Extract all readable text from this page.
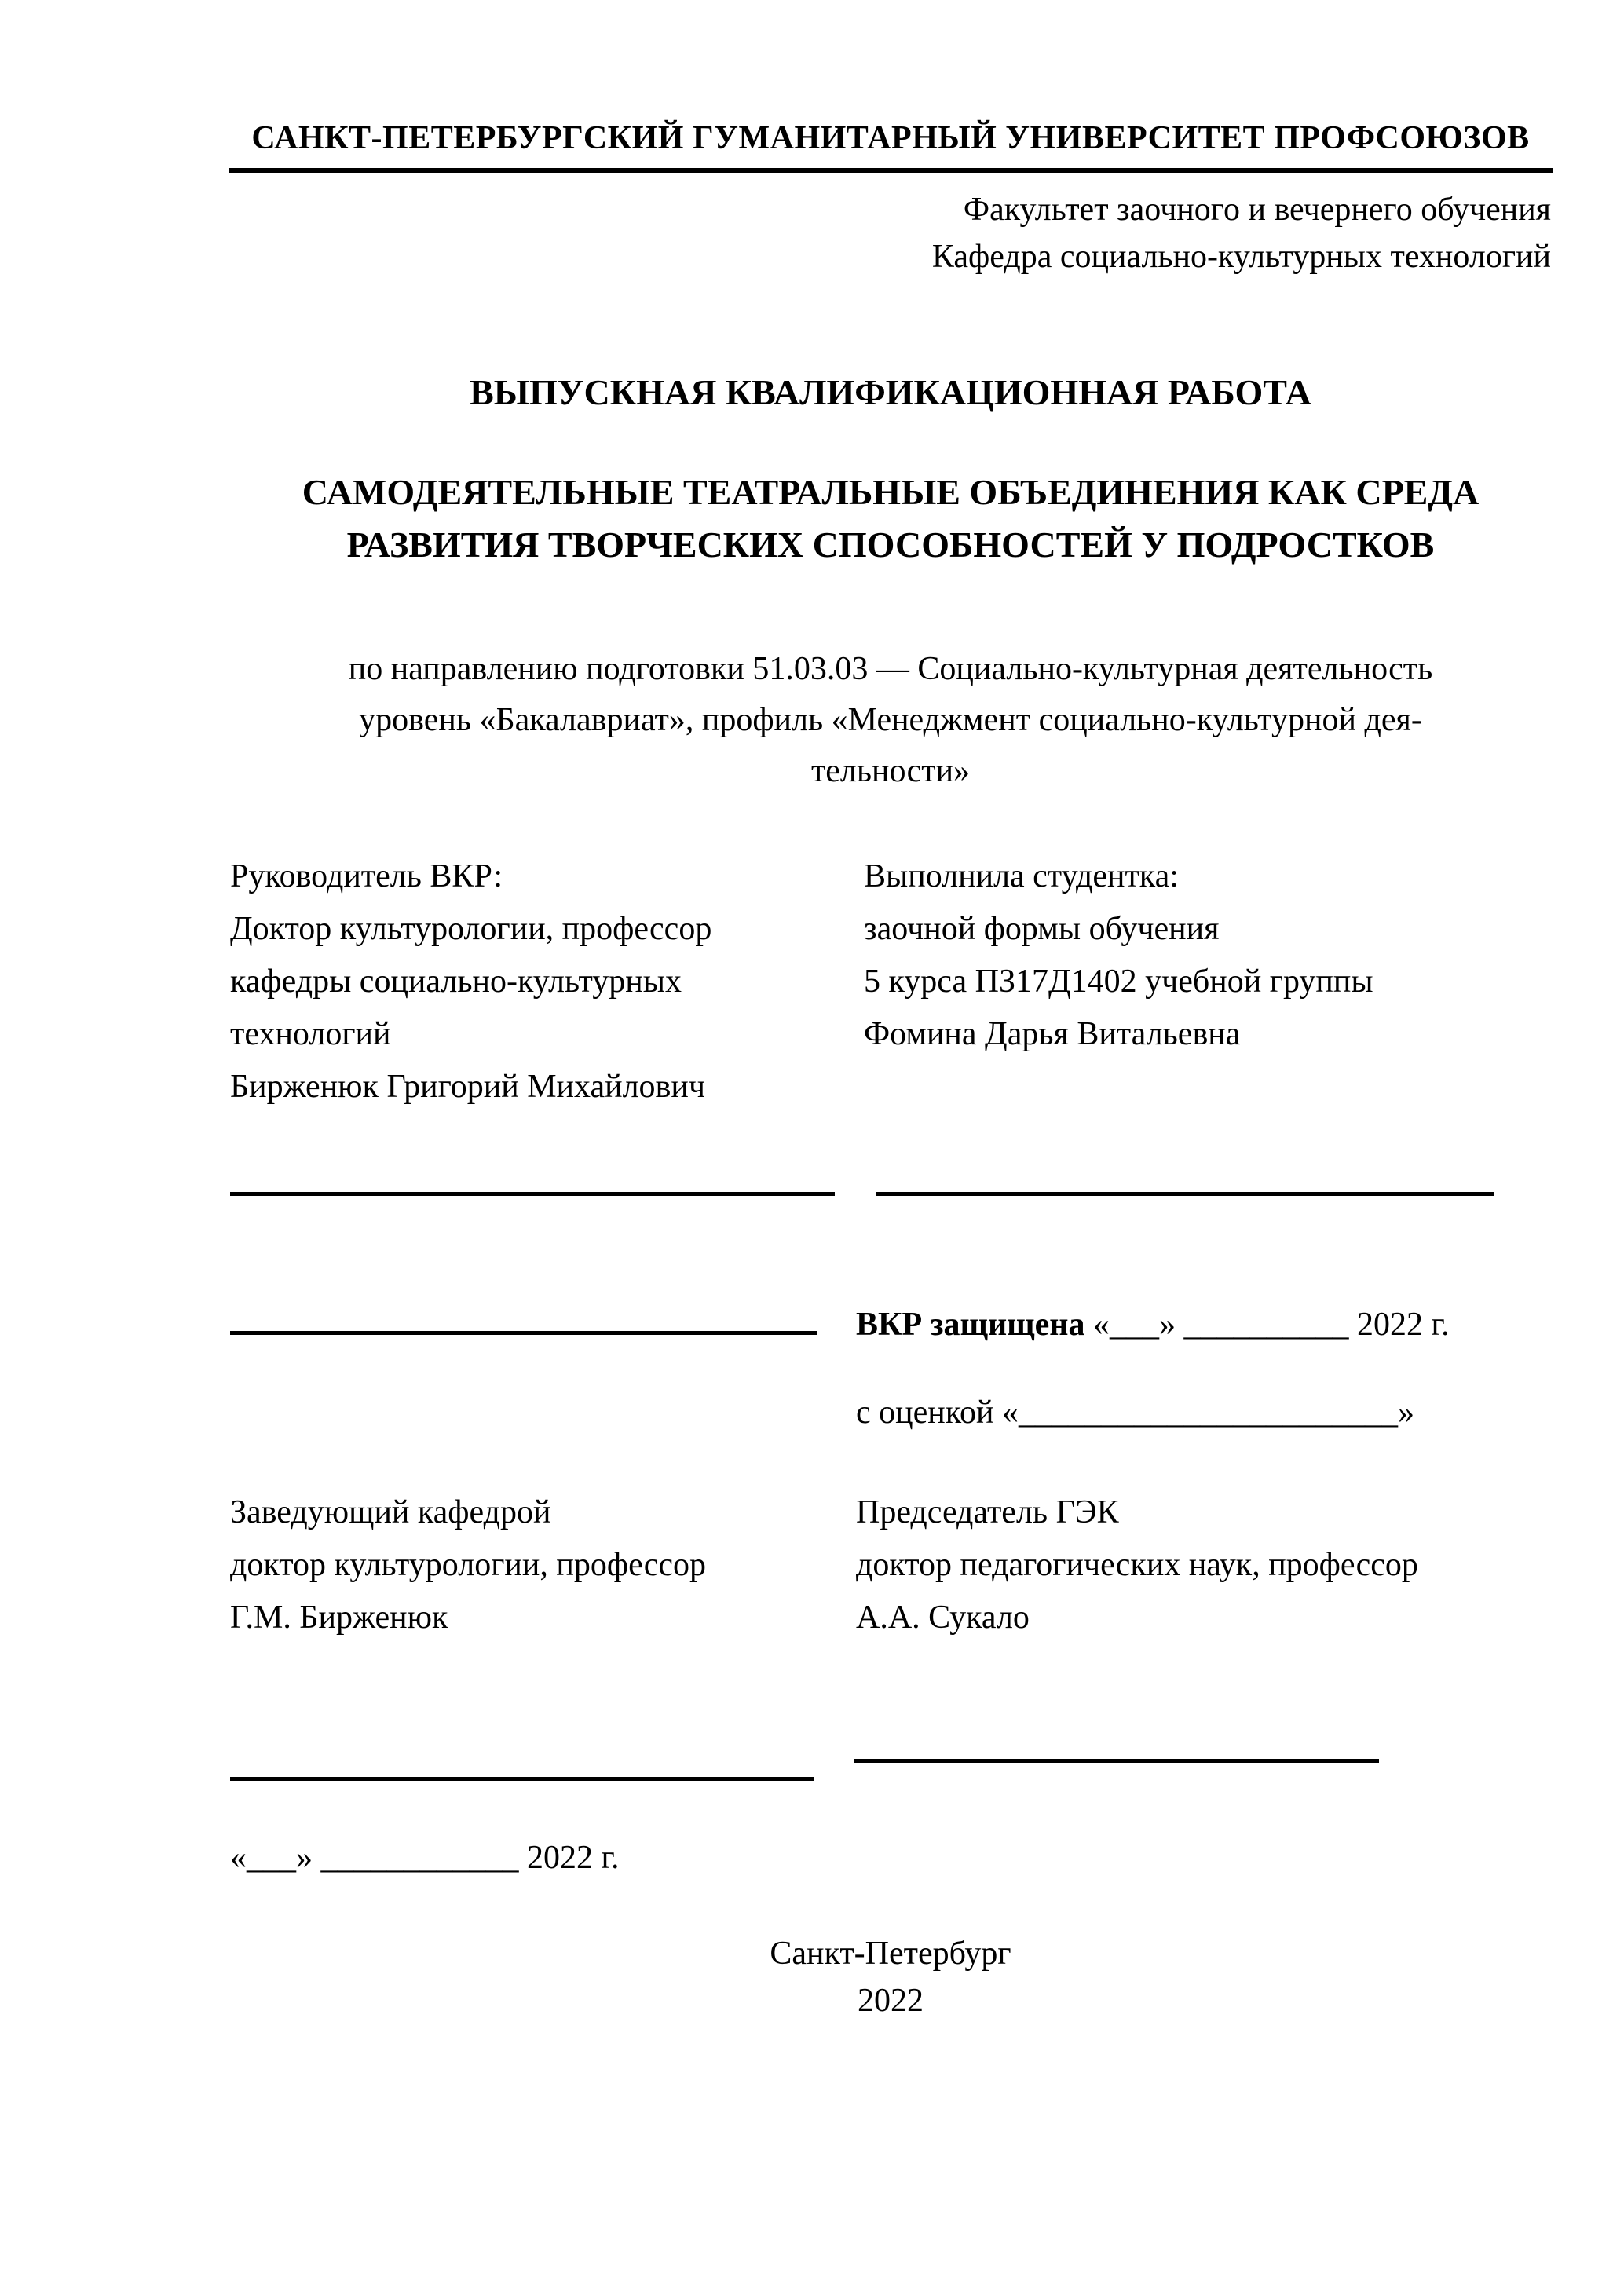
САНКТ-ПЕТЕРБУРГСКИЙ ГУМАНИТАРНЫЙ УНИВЕРСИТЕТ ПРОФСОЮЗОВ
Факультет заочного и вечернего обучения
Кафедра социально-культурных технологий
ВЫПУСКНАЯ КВАЛИФИКАЦИОННАЯ РАБОТА
САМОДЕЯТЕЛЬНЫЕ ТЕАТРАЛЬНЫЕ ОБЪЕДИНЕНИЯ КАК СРЕДА РАЗВИТИЯ ТВОРЧЕСКИХ СПОСОБНОСТЕЙ У ПОДРОСТКОВ
по направлению подготовки 51.03.03 — Социально-культурная деятельность
уровень «Бакалавриат», профиль «Менеджмент социально-культурной дея-
тельности»
Руководитель ВКР:
Доктор культурологии, профессор
кафедры социально-культурных
технологий
Бирженюк Григорий Михайлович
Выполнила студентка:
заочной формы обучения
5 курса ПЗ17Д1402 учебной группы
Фомина Дарья Витальевна
ВКР защищена «___» __________ 2022 г.
с оценкой «_______________________»
Заведующий кафедрой
доктор культурологии, профессор
Г.М. Бирженюк
Председатель ГЭК
доктор педагогических наук, профессор
А.А. Сукало
«___» ____________ 2022 г.
Санкт-Петербург
2022
